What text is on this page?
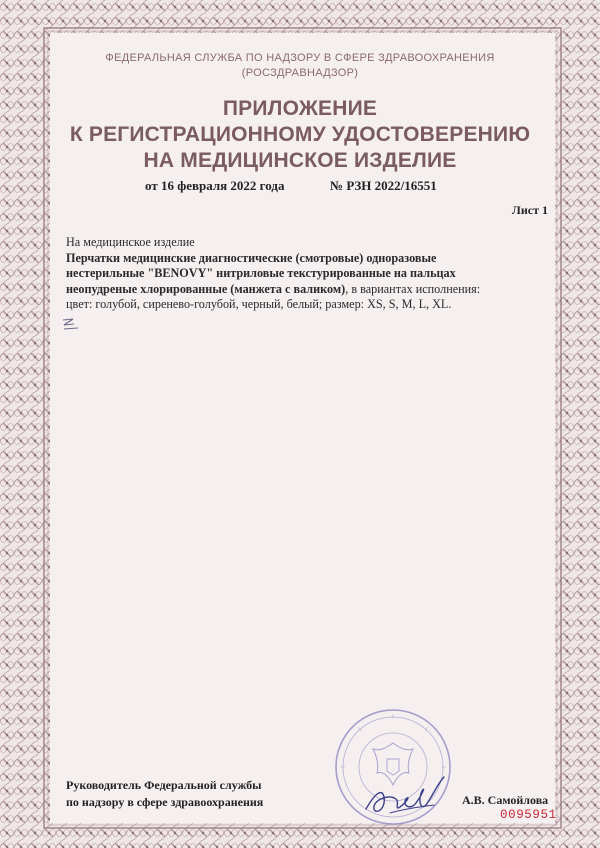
ФЕДЕРАЛЬНАЯ СЛУЖБА ПО НАДЗОРУ В СФЕРЕ ЗДРАВООХРАНЕНИЯ
(РОСЗДРАВНАДЗОР)
ПРИЛОЖЕНИЕ
К РЕГИСТРАЦИОННОМУ УДОСТОВЕРЕНИЮ
НА МЕДИЦИНСКОЕ ИЗДЕЛИЕ
от 16 февраля 2022 года	№ РЗН 2022/16551
Лист 1
На медицинское изделие
Перчатки медицинские диагностические (смотровые) одноразовые нестерильные "BENOVY" нитриловые текстурированные на пальцах неопудреные хлорированные (манжета с валиком), в вариантах исполнения:
цвет: голубой, сиренево-голубой, черный, белый; размер: XS, S, M, L, XL.
Руководитель Федеральной службы
по надзору в сфере здравоохранения	А.В. Самойлова
0095951
